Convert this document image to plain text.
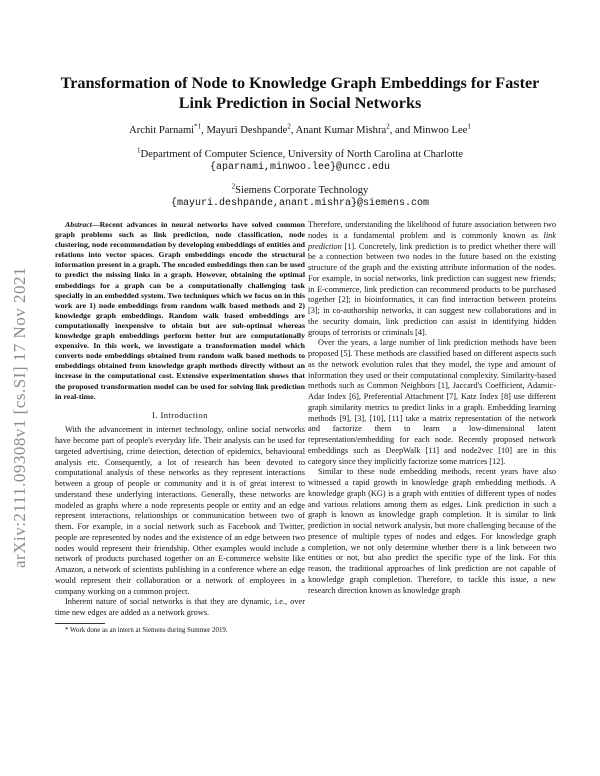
Transformation of Node to Knowledge Graph Embeddings for Faster
Link Prediction in Social Networks
Archit Parnami$^{*1}$, Mayuri Deshpande$^2$, Anant Kumar Mishra$^2$, and Minwoo Lee$^1$
$^1$Department of Computer Science, University of North Carolina at Charlotte
{aparnami,minwoo.lee}@uncc.edu
$^2$Siemens Corporate Technology
{mayuri.deshpande,anant.mishra}@siemens.com
arXiv:2111.09308v1 [cs.SI] 17 Nov 2021

Abstract—Recent advances in neural networks have solved common graph problems such as link prediction, node classification, node clustering, node recommendation by developing embeddings of entities and relations into vector spaces. Graph embeddings encode the structural information present in a graph. The encoded embeddings then can be used to predict the missing links in a graph. However, obtaining the optimal embeddings for a graph can be a computationally challenging task specially in an embedded system. Two techniques which we focus on in this work are 1) node embeddings from random walk based methods and 2) knowledge graph embeddings. Random walk based embeddings are computationally inexpensive to obtain but are sub-optimal whereas knowledge graph embeddings perform better but are computationally expensive. In this work, we investigate a transformation model which converts node embeddings obtained from random walk based methods to embeddings obtained from knowledge graph methods directly without an increase in the computational cost. Extensive experimentation shows that the proposed transformation model can be used for solving link prediction in real-time.

I. Introduction

With the advancement in internet technology, online social networks have become part of people's everyday life. Their analysis can be used for targeted advertising, crime detection, detection of epidemics, behavioural analysis etc. Consequently, a lot of research has been devoted to computational analysis of these networks as they represent interactions between a group of people or community and it is of great interest to understand these underlying interactions. Generally, these networks are modeled as graphs where a node represents people or entity and an edge represent interactions, relationships or communication between two of them. For example, in a social network such as Facebook and Twitter, people are represented by nodes and the existence of an edge between two nodes would represent their friendship. Other examples would include a network of products purchased together on an E-commerce website like Amazon, a network of scientists publishing in a conference where an edge would represent their collaboration or a network of employees in a company working on a common project.

Inherent nature of social networks is that they are dynamic, i.e., over time new edges are added as a network grows.

* Work done as an intern at Siemens during Summer 2019.

Therefore, understanding the likelihood of future association between two nodes is a fundamental problem and is commonly known as link prediction [1]. Concretely, link prediction is to predict whether there will be a connection between two nodes in the future based on the existing structure of the graph and the existing attribute information of the nodes. For example, in social networks, link prediction can suggest new friends; in E-commerce, link prediction can recommend products to be purchased together [2]; in bioinformatics, it can find interaction between proteins [3]; in co-authorship networks, it can suggest new collaborations and in the security domain, link prediction can assist in identifying hidden groups of terrorists or criminals [4].

Over the years, a large number of link prediction methods have been proposed [5]. These methods are classified based on different aspects such as the network evolution rules that they model, the type and amount of information they used or their computational complexity. Similarity-based methods such as Common Neighbors [1], Jaccard's Coefficient, Adamic-Adar Index [6], Preferential Attachment [7], Katz Index [8] use different graph similarity metrics to predict links in a graph. Embedding learning methods [9], [3], [10], [11] take a matrix representation of the network and factorize them to learn a low-dimensional latent representation/embedding for each node. Recently proposed network embeddings such as DeepWalk [11] and node2vec [10] are in this category since they implicitly factorize some matrices [12].

Similar to these node embedding methods, recent years have also witnessed a rapid growth in knowledge graph embedding methods. A knowledge graph (KG) is a graph with entities of different types of nodes and various relations among them as edges. Link prediction in such a graph is known as knowledge graph completion. It is similar to link prediction in social network analysis, but more challenging because of the presence of multiple types of nodes and edges. For knowledge graph completion, we not only determine whether there is a link between two entities or not, but also predict the specific type of the link. For this reason, the traditional approaches of link prediction are not capable of knowledge graph completion. Therefore, to tackle this issue, a new research direction known as knowledge graph
